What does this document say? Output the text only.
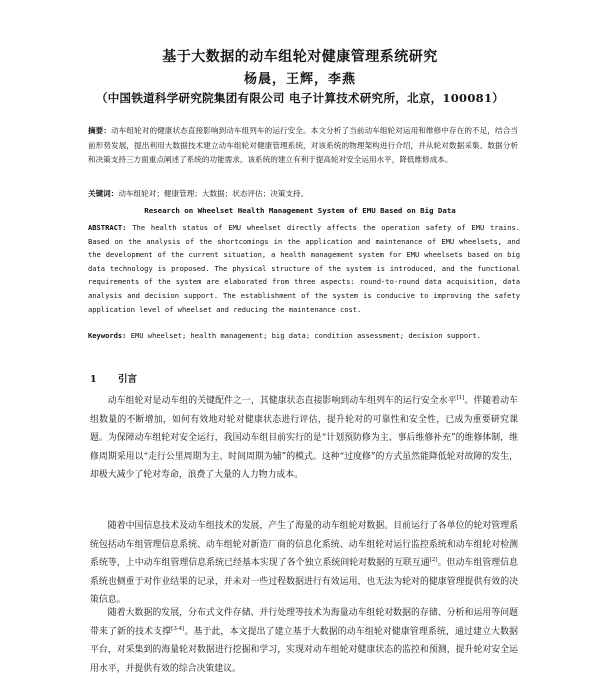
基于大数据的动车组轮对健康管理系统研究
杨晨，王辉，李燕
（中国铁道科学研究院集团有限公司 电子计算技术研究所，北京，100081）
摘要：动车组轮对的健康状态直接影响到动车组列车的运行安全。本文分析了当前动车组轮对运用和维修中存在的不足，结合当前形势发展，提出利用大数据技术建立动车组轮对健康管理系统，对该系统的物理架构进行介绍，并从轮对数据采集、数据分析和决策支持三方面重点阐述了系统的功能需求。该系统的建立有利于提高轮对安全运用水平，降低维修成本。
关键词：动车组轮对；健康管理；大数据；状态评估；决策支持。
Research on Wheelset Health Management System of EMU Based on Big Data
ABSTRACT: The health status of EMU wheelset directly affects the operation safety of EMU trains. Based on the analysis of the shortcomings in the application and maintenance of EMU wheelsets, and the development of the current situation, a health management system for EMU wheelsets based on big data technology is proposed. The physical structure of the system is introduced, and the functional requirements of the system are elaborated from three aspects: round-to-round data acquisition, data analysis and decision support. The establishment of the system is conducive to improving the safety application level of wheelset and reducing the maintenance cost.
Keywords: EMU wheelset; health management; big data; condition assessment; decision support.
1 引言

动车组轮对是动车组的关键配件之一，其健康状态直接影响到动车组列车的运行安全水平[1]。伴随着动车组数量的不断增加，如何有效地对轮对健康状态进行评估，提升轮对的可靠性和安全性，已成为重要研究课题。为保障动车组轮对安全运行，我国动车组目前实行的是“计划预防修为主、事后维修补充”的维修体制，维修周期采用以“走行公里周期为主、时间周期为辅”的模式。这种“过度修”的方式虽然能降低轮对故障的发生，却极大减少了轮对寿命，浪费了大量的人力物力成本。

随着中国信息技术及动车组技术的发展，产生了海量的动车组轮对数据。目前运行了各单位的轮对管理系统包括动车组管理信息系统、动车组轮对新造厂商的信息化系统、动车组轮对运行监控系统和动车组轮对检测系统等，上中动车组管理信息系统已经基本实现了各个独立系统间轮对数据的互联互通[2]。但动车组管理信息系统也侧重于对作业结果的记录，并未对一些过程数据进行有效运用，也无法为轮对的健康管理提供有效的决策信息。

随着大数据的发展，分布式文件存储、并行处理等技术为海量动车组轮对数据的存储、分析和运用等问题带来了新的技术支撑[3-4]。基于此，本文提出了建立基于大数据的动车组轮对健康管理系统，通过建立大数据平台，对采集到的海量轮对数据进行挖掘和学习，实现对动车组轮对健康状态的监控和预测，提升轮对安全运用水平，并提供有效的综合决策建议。
